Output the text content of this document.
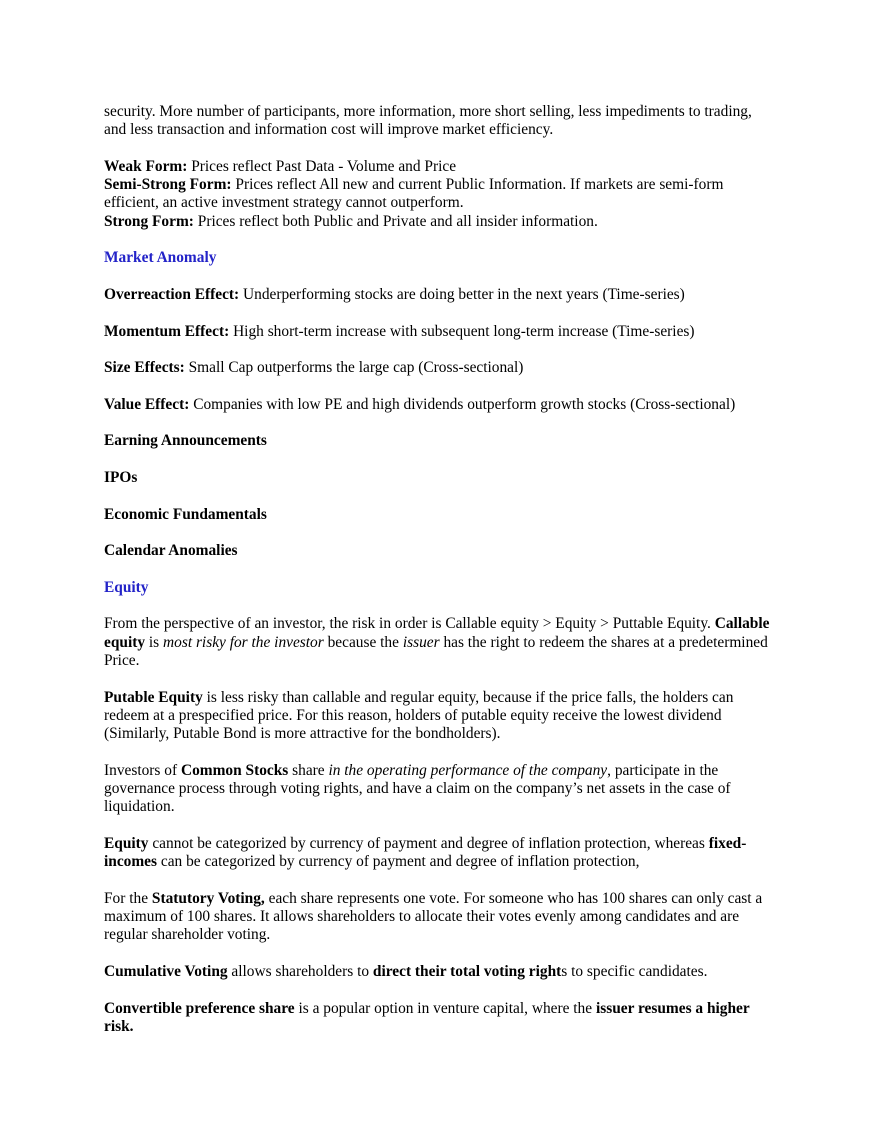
security. More number of participants, more information, more short selling, less impediments to trading, and less transaction and information cost will improve market efficiency.

Weak Form: Prices reflect Past Data - Volume and Price

Semi-Strong Form: Prices reflect All new and current Public Information. If markets are semi-form efficient, an active investment strategy cannot outperform.

Strong Form: Prices reflect both Public and Private and all insider information.

Market Anomaly

Overreaction Effect: Underperforming stocks are doing better in the next years (Time-series)

Momentum Effect: High short-term increase with subsequent long-term increase (Time-series)

Size Effects: Small Cap outperforms the large cap (Cross-sectional)

Value Effect: Companies with low PE and high dividends outperform growth stocks (Cross-sectional)

Earning Announcements

IPOs

Economic Fundamentals

Calendar Anomalies

Equity

From the perspective of an investor, the risk in order is Callable equity > Equity > Puttable Equity. Callable equity is most risky for the investor because the issuer has the right to redeem the shares at a predetermined Price.

Putable Equity is less risky than callable and regular equity, because if the price falls, the holders can redeem at a prespecified price. For this reason, holders of putable equity receive the lowest dividend (Similarly, Putable Bond is more attractive for the bondholders).

Investors of Common Stocks share in the operating performance of the company, participate in the governance process through voting rights, and have a claim on the company’s net assets in the case of liquidation.

Equity cannot be categorized by currency of payment and degree of inflation protection, whereas fixed-incomes can be categorized by currency of payment and degree of inflation protection,

For the Statutory Voting, each share represents one vote. For someone who has 100 shares can only cast a maximum of 100 shares. It allows shareholders to allocate their votes evenly among candidates and are regular shareholder voting.

Cumulative Voting allows shareholders to direct their total voting rights to specific candidates.

Convertible preference share is a popular option in venture capital, where the issuer resumes a higher risk.
